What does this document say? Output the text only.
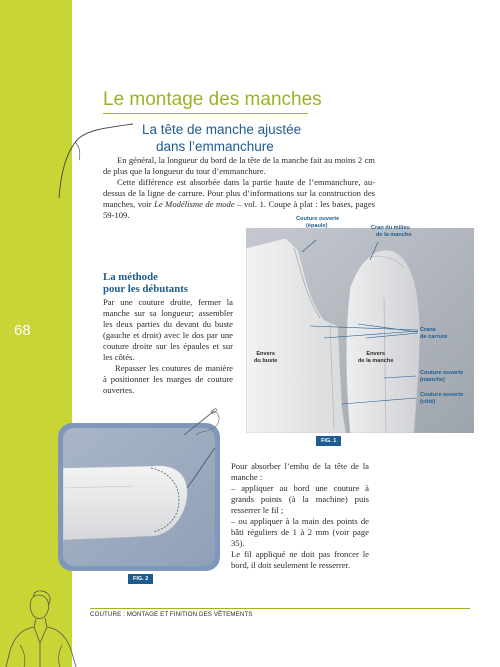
68
Le montage des manches
La tête de manche ajustée
dans l’emmanchure

En général, la longueur du bord de la tête de la manche fait au moins 2 cm de plus que la longueur du tour d’emmanchure.

Cette différence est absorbée dans la partie haute de l’emmanchure, au-dessus de la ligne de carrure. Pour plus d’informations sur la construction des manches, voir Le Modélisme de mode – vol. 1. Coupe à plat : les bases, pages 59-109.

La méthode
pour les débutants

Par une couture droite, fermer la manche sur sa longueur; assembler les deux parties du devant du buste (gauche et droit) avec le dos par une couture droite sur les épaules et sur les côtés.

Repasser les coutures de manière à positionner les marges de couture ouvertes.

Couture ouverte
(épaule)	Cran du milieu
de la manche
Crans
de carrure
Couture ouverte
(manche)
Couture ouverte
(côté)
Envers
du buste
Envers
de la manche
FIG. 1
FIG. 2

Pour absorber l’embu de la tête de la manche :

– appliquer au bord une couture à grands points (à la machine) puis resserrer le fil ;

– ou appliquer à la main des points de bâti réguliers de 1 à 2 mm (voir page 35).

Le fil appliqué ne doit pas froncer le bord, il doit seulement le resserrer.

COUTURE : MONTAGE ET FINITION DES VÊTEMENTS
